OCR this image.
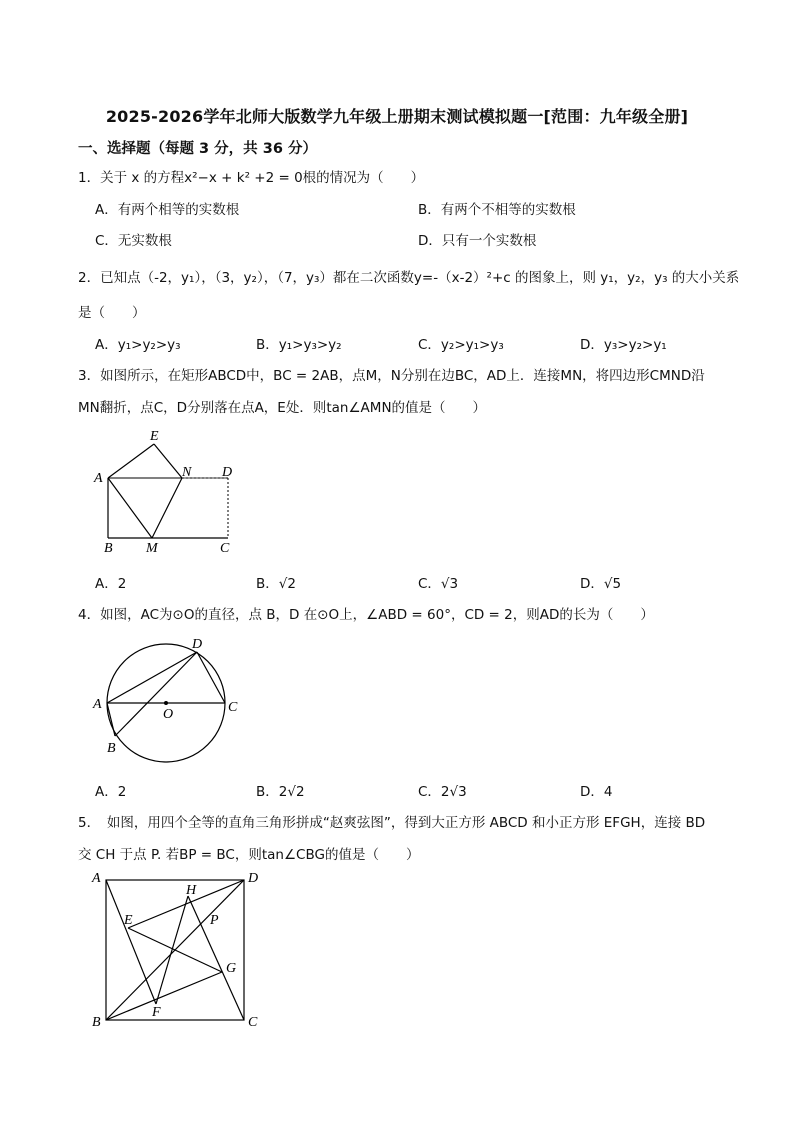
2025-2026学年北师大版数学九年级上册期末测试模拟题一[范围：九年级全册]
一、选择题（每题 3 分，共 36 分）
1．关于 x 的方程x²−x + k² +2 = 0根的情况为（　　）
A．有两个相等的实数根	B．有两个不相等的实数根
C．无实数根	D．只有一个实数根
2．已知点（-2，y₁），（3，y₂），（7，y₃）都在二次函数y=-（x-2）²+c 的图象上，则 y₁，y₂，y₃ 的大小关系
是（　　）
A．y₁>y₂>y₃	B．y₁>y₃>y₂	C．y₂>y₁>y₃	D．y₃>y₂>y₁
3．如图所示，在矩形ABCD中，BC = 2AB，点M，N分别在边BC，AD上．连接MN，将四边形CMND沿
MN翻折，点C，D分别落在点A，E处．则tan∠AMN的值是（　　）
A
B M	C
D
N
E
A．2	B．√2	C．√3	D．√5
4．如图，AC为⊙O的直径，点 B，D 在⊙O上，∠ABD = 60°，CD = 2，则AD的长为（　　）
A
B
C
D
O
A．2	B．2√2	C．2√3	D．4
5．　如图，用四个全等的直角三角形拼成“赵爽弦图”，得到大正方形 ABCD 和小正方形 EFGH，连接 BD
交 CH 于点 P. 若BP = BC，则tan∠CBG的值是（　　）
A
B	C
D
E
F
G
H
P
